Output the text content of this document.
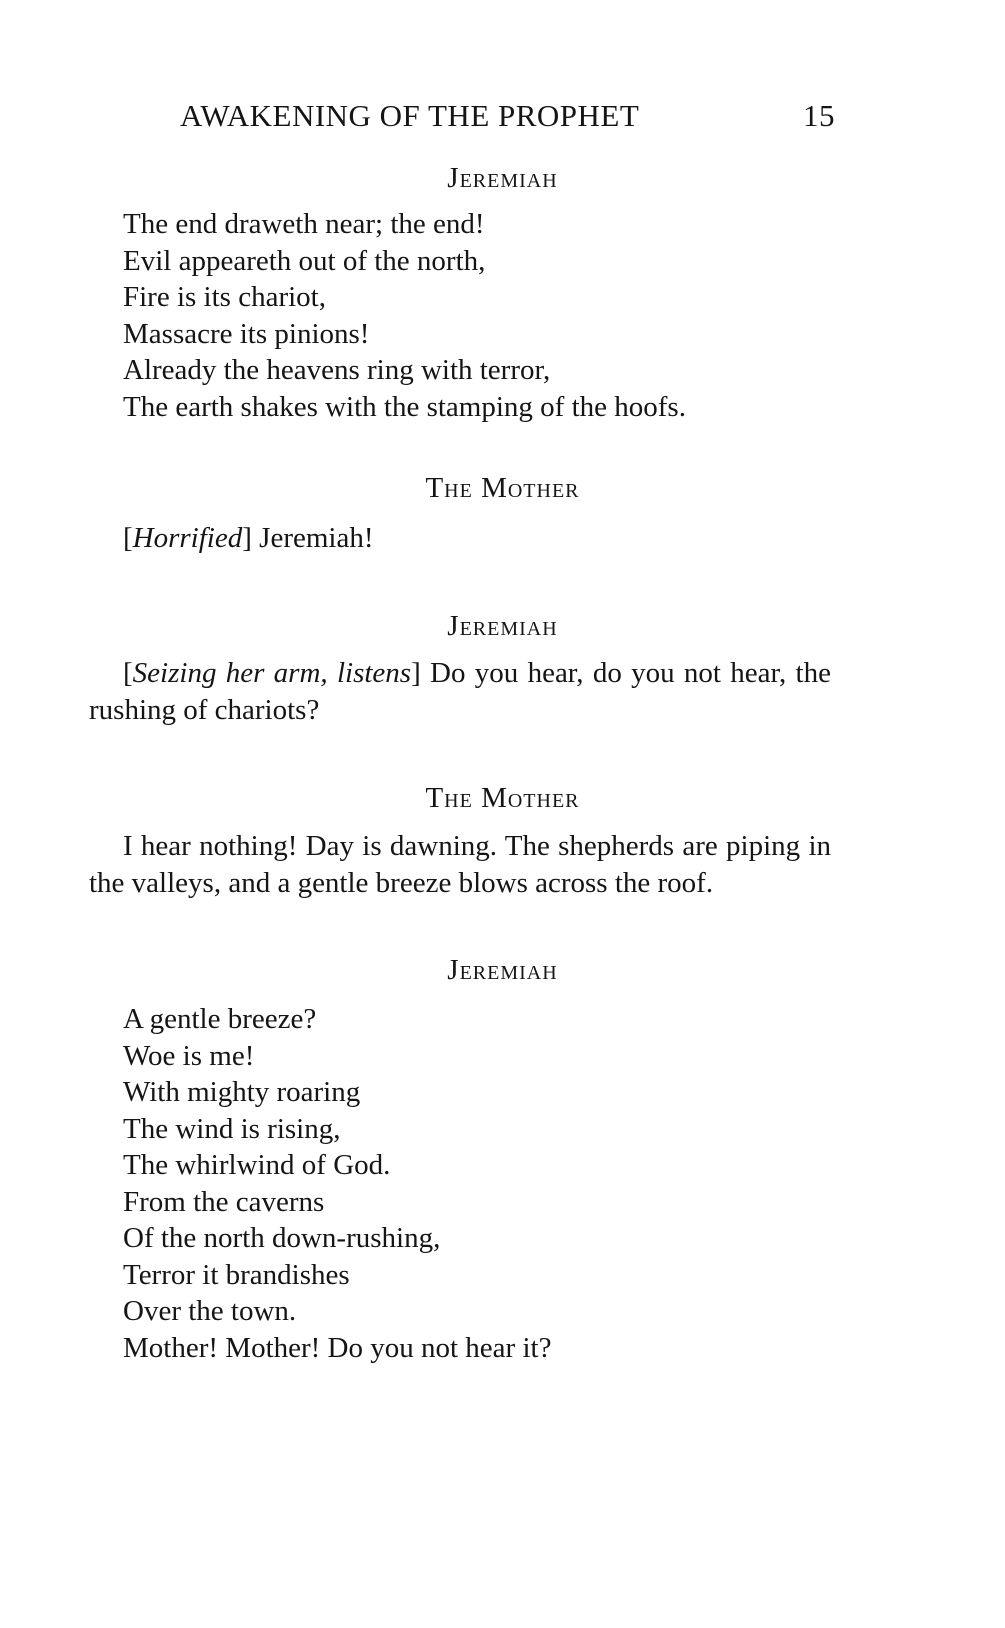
AWAKENING OF THE PROPHET	15
Jeremiah
The end draweth near; the end!
Evil appeareth out of the north,
Fire is its chariot,
Massacre its pinions!
Already the heavens ring with terror,
The earth shakes with the stamping of the hoofs.
The Mother
[Horrified] Jeremiah!
Jeremiah
[Seizing her arm, listens] Do you hear, do you not hear, the rushing of chariots?
The Mother
I hear nothing! Day is dawning. The shepherds are piping in the valleys, and a gentle breeze blows across the roof.
Jeremiah
A gentle breeze?
Woe is me!
With mighty roaring
The wind is rising,
The whirlwind of God.
From the caverns
Of the north down-rushing,
Terror it brandishes
Over the town.
Mother! Mother! Do you not hear it?
